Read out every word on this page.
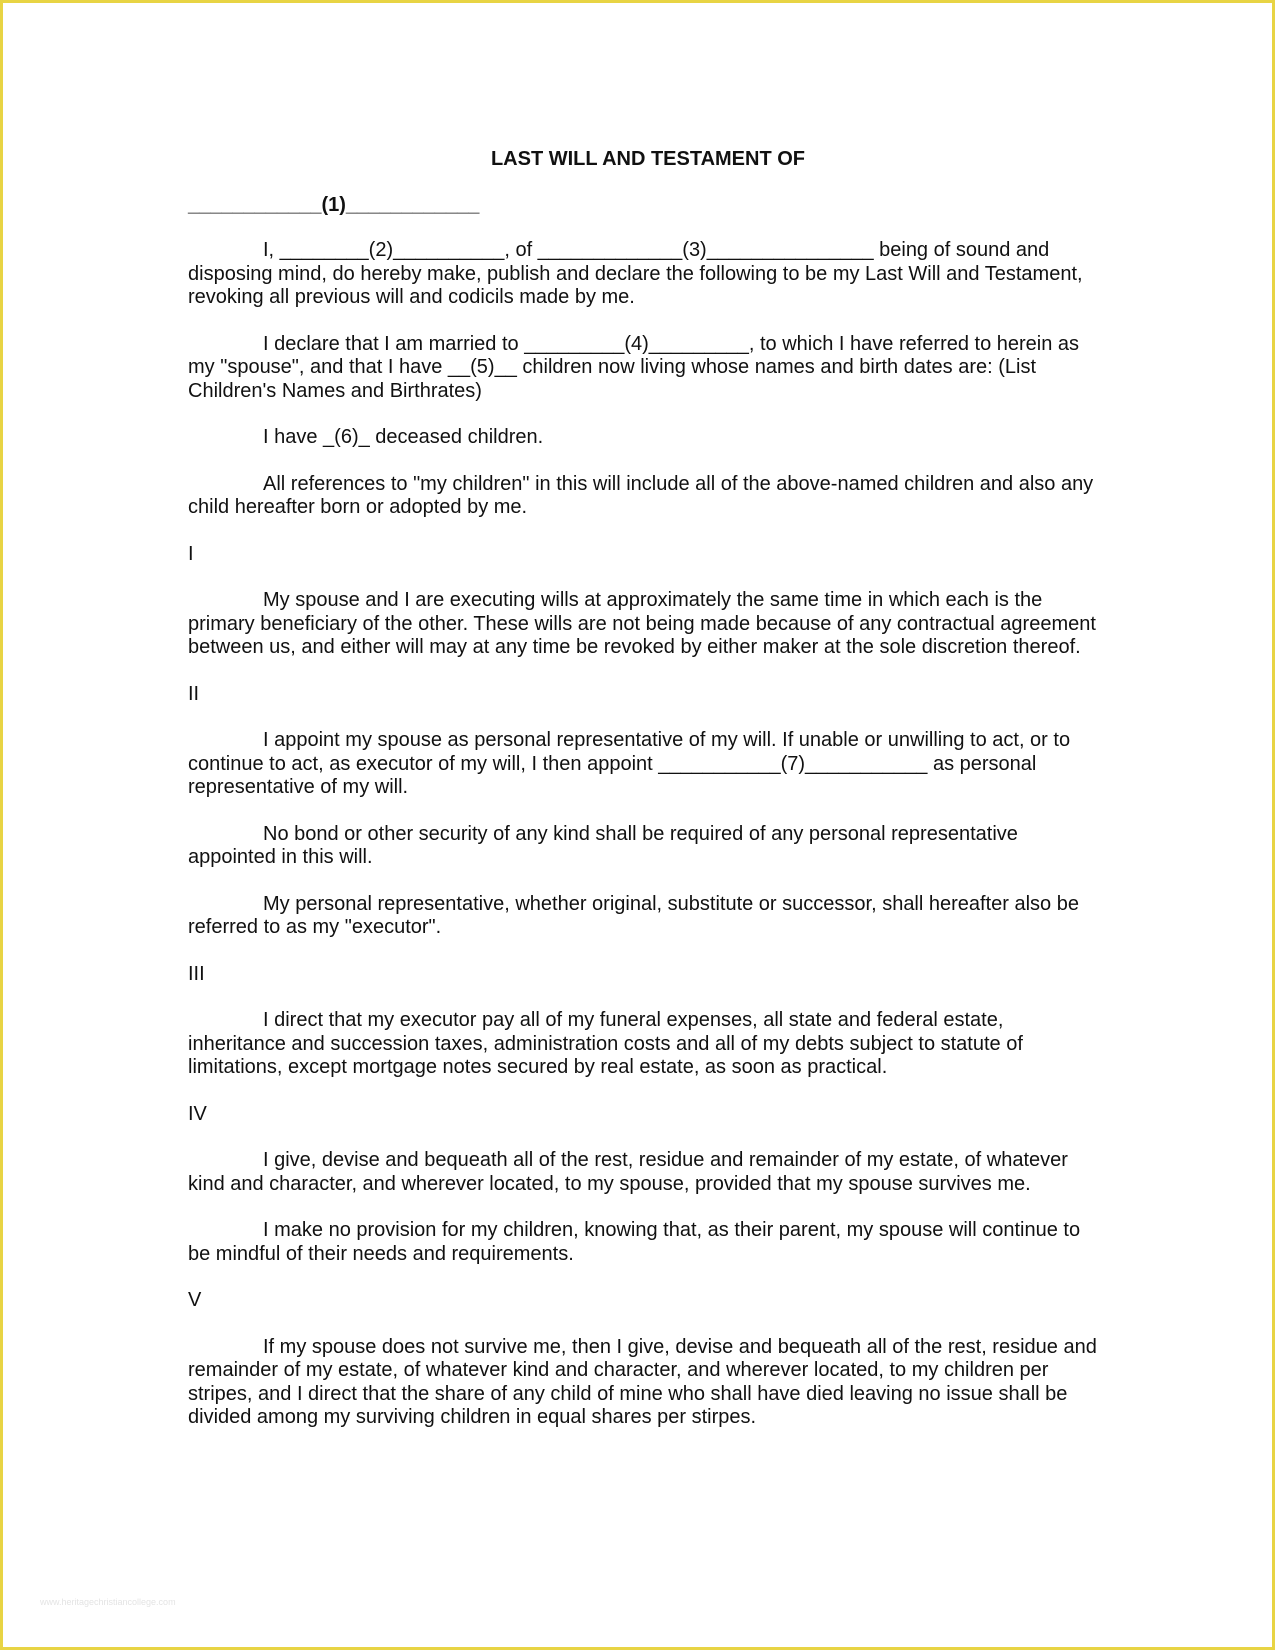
LAST WILL AND TESTAMENT OF
____________(1)____________

I, ________(2)__________, of _____________(3)_______________ being of sound and disposing mind, do hereby make, publish and declare the following to be my Last Will and Testament, revoking all previous will and codicils made by me.

I declare that I am married to _________(4)_________, to which I have referred to herein as my "spouse", and that I have __(5)__ children now living whose names and birth dates are: (List Children's Names and Birthrates)

I have _(6)_ deceased children.

All references to "my children" in this will include all of the above-named children and also any child hereafter born or adopted by me.

I

My spouse and I are executing wills at approximately the same time in which each is the primary beneficiary of the other. These wills are not being made because of any contractual agreement between us, and either will may at any time be revoked by either maker at the sole discretion thereof.

II

I appoint my spouse as personal representative of my will. If unable or unwilling to act, or to continue to act, as executor of my will, I then appoint ___________(7)___________ as personal representative of my will.

No bond or other security of any kind shall be required of any personal representative appointed in this will.

My personal representative, whether original, substitute or successor, shall hereafter also be referred to as my "executor".

III

I direct that my executor pay all of my funeral expenses, all state and federal estate, inheritance and succession taxes, administration costs and all of my debts subject to statute of limitations, except mortgage notes secured by real estate, as soon as practical.

IV

I give, devise and bequeath all of the rest, residue and remainder of my estate, of whatever kind and character, and wherever located, to my spouse, provided that my spouse survives me.

I make no provision for my children, knowing that, as their parent, my spouse will continue to be mindful of their needs and requirements.

V

If my spouse does not survive me, then I give, devise and bequeath all of the rest, residue and remainder of my estate, of whatever kind and character, and wherever located, to my children per stripes, and I direct that the share of any child of mine who shall have died leaving no issue shall be divided among my surviving children in equal shares per stirpes.

www.heritagechristiancollege.com
